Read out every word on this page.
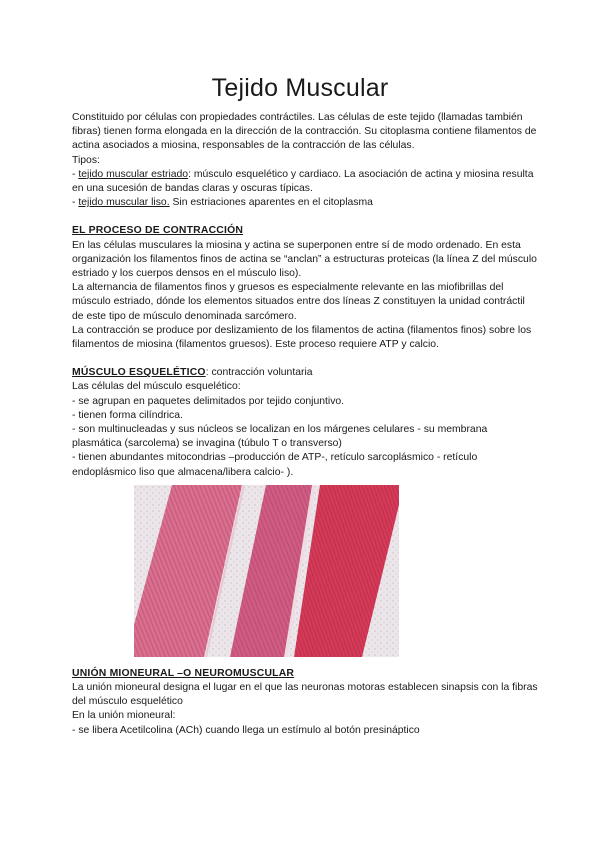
Tejido Muscular

Constituido por células con propiedades contráctiles. Las células de este tejido (llamadas también fibras) tienen forma elongada en la dirección de la contracción. Su citoplasma contiene filamentos de actina asociados a miosina, responsables de la contracción de las células.

Tipos:

- tejido muscular estriado: músculo esquelético y cardiaco. La asociación de actina y miosina resulta en una sucesión de bandas claras y oscuras típicas.

- tejido muscular liso. Sin estriaciones aparentes en el citoplasma

EL PROCESO DE CONTRACCIÓN

En las células musculares la miosina y actina se superponen entre sí de modo ordenado. En esta organización los filamentos finos de actina se “anclan” a estructuras proteicas (la línea Z del músculo estriado y los cuerpos densos en el músculo liso).

La alternancia de filamentos finos y gruesos es especialmente relevante en las miofibrillas del músculo estriado, dónde los elementos situados entre dos líneas Z constituyen la unidad contráctil de este tipo de músculo denominada sarcómero.

La contracción se produce por deslizamiento de los filamentos de actina (filamentos finos) sobre los filamentos de miosina (filamentos gruesos). Este proceso requiere ATP y calcio.

MÚSCULO ESQUELÉTICO: contracción voluntaria

Las células del músculo esquelético:

- se agrupan en paquetes delimitados por tejido conjuntivo.

- tienen forma cilíndrica.

- son multinucleadas y sus núcleos se localizan en los márgenes celulares - su membrana plasmática (sarcolema) se invagina (túbulo T o transverso)

- tienen abundantes mitocondrias –producción de ATP-, retículo sarcoplásmico - retículo endoplásmico liso que almacena/libera calcio- ).

UNIÓN MIONEURAL –O NEUROMUSCULAR

La unión mioneural designa el lugar en el que las neuronas motoras establecen sinapsis con la fibras del músculo esquelético

En la unión mioneural:

- se libera Acetilcolina (ACh) cuando llega un estímulo al botón presináptico
